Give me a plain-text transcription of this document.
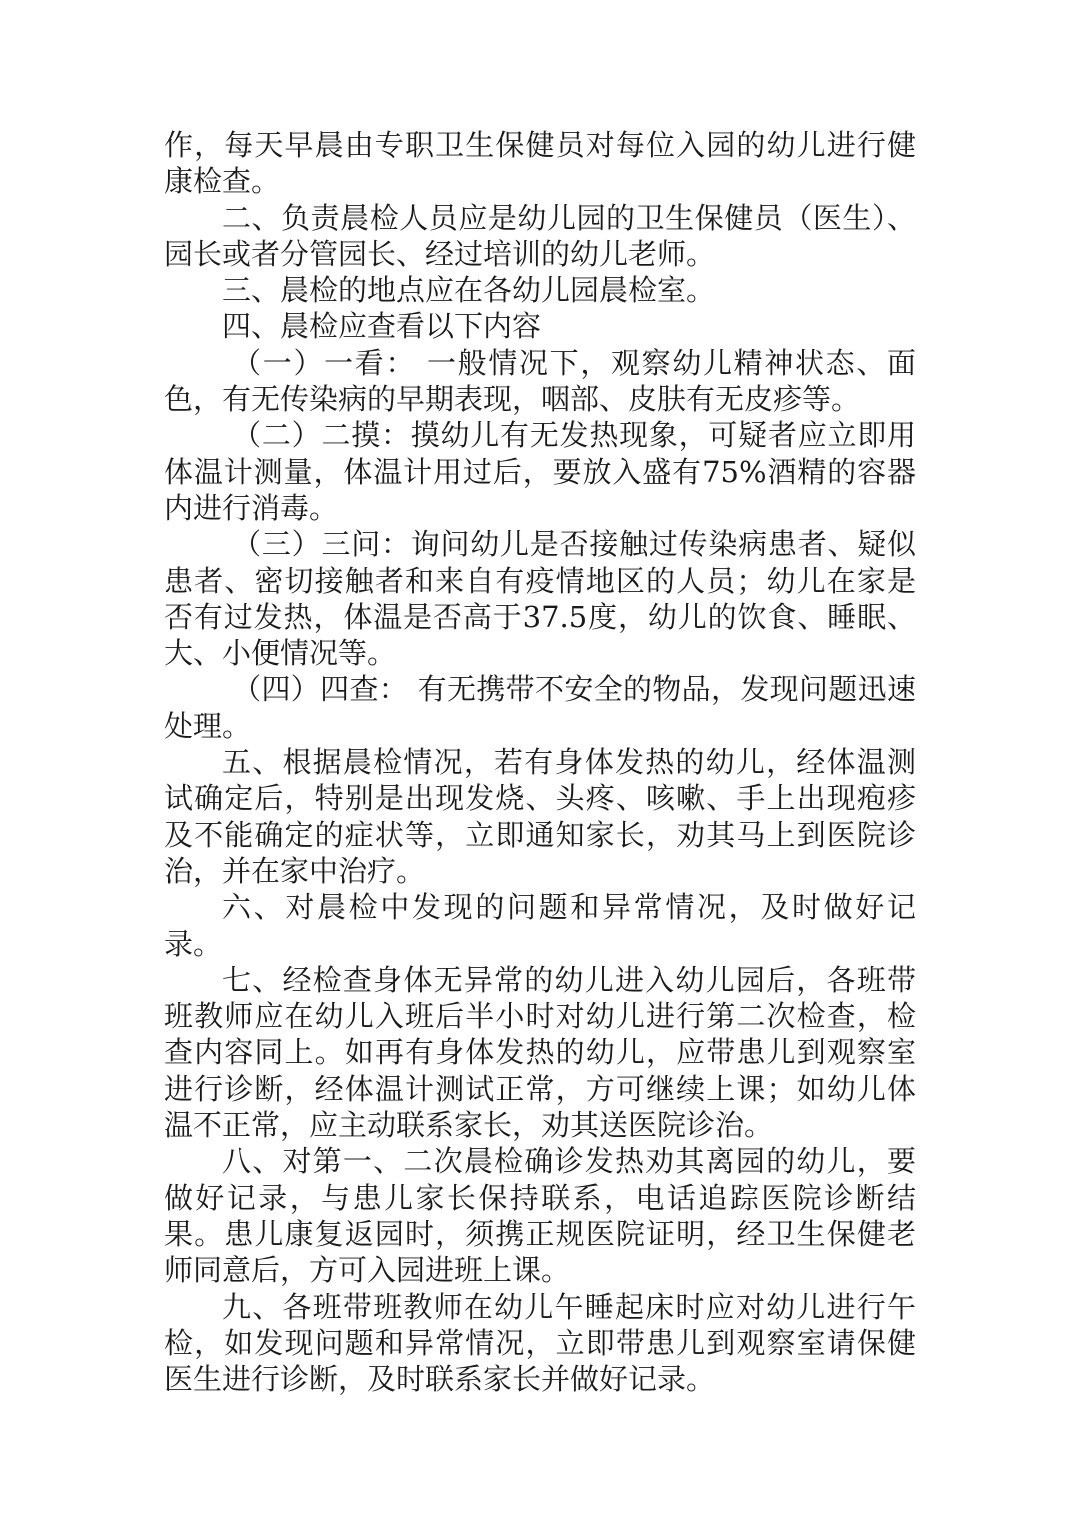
作，每天早晨由专职卫生保健员对每位入园的幼儿进行健康检查。

二、负责晨检人员应是幼儿园的卫生保健员（医生）、园长或者分管园长、经过培训的幼儿老师。

三、晨检的地点应在各幼儿园晨检室。

四、晨检应查看以下内容

（一）一看： 一般情况下，观察幼儿精神状态、面色，有无传染病的早期表现，咽部、皮肤有无皮疹等。

（二）二摸：摸幼儿有无发热现象，可疑者应立即用体温计测量，体温计用过后，要放入盛有75%酒精的容器内进行消毒。

（三）三问：询问幼儿是否接触过传染病患者、疑似患者、密切接触者和来自有疫情地区的人员；幼儿在家是否有过发热，体温是否高于37.5度，幼儿的饮食、睡眠、大、小便情况等。

（四）四查： 有无携带不安全的物品，发现问题迅速处理。

五、根据晨检情况，若有身体发热的幼儿，经体温测试确定后，特别是出现发烧、头疼、咳嗽、手上出现疱疹及不能确定的症状等，立即通知家长，劝其马上到医院诊治，并在家中治疗。

六、对晨检中发现的问题和异常情况，及时做好记录。

七、经检查身体无异常的幼儿进入幼儿园后，各班带班教师应在幼儿入班后半小时对幼儿进行第二次检查，检查内容同上。如再有身体发热的幼儿，应带患儿到观察室进行诊断，经体温计测试正常，方可继续上课；如幼儿体温不正常，应主动联系家长，劝其送医院诊治。

八、对第一、二次晨检确诊发热劝其离园的幼儿，要做好记录，与患儿家长保持联系，电话追踪医院诊断结果。患儿康复返园时，须携正规医院证明，经卫生保健老师同意后，方可入园进班上课。

九、各班带班教师在幼儿午睡起床时应对幼儿进行午检，如发现问题和异常情况，立即带患儿到观察室请保健医生进行诊断，及时联系家长并做好记录。
